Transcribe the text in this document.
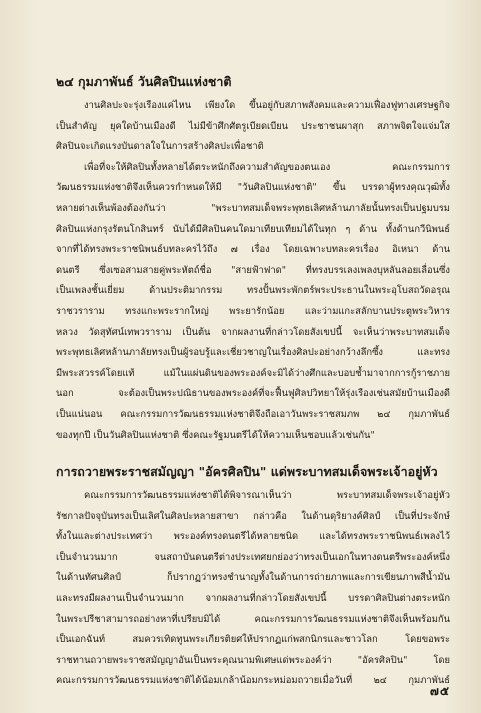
๒๔ กุมภาพันธ์ วันศิลปินแห่งชาติ

งานศิลปะจะรุ่งเรืองแค่ไหน เพียงใด ขึ้นอยู่กับสภาพสังคมและความเฟื่องฟูทางเศรษฐกิจ

เป็นสำคัญ ยุคใดบ้านเมืองดี ไม่มีข้าศึกศัตรูเบียดเบียน ประชาชนผาสุก สภาพจิตใจแจ่มใส

ศิลปินจะเกิดแรงบันดาลใจในการสร้างศิลปะเพื่อชาติ

เพื่อที่จะให้ศิลปินทั้งหลายได้ตระหนักถึงความสำคัญของตนเอง คณะกรรมการ

วัฒนธรรมแห่งชาติจึงเห็นควรกำหนดให้มี "วันศิลปินแห่งชาติ" ขึ้น บรรดาผู้ทรงคุณวุฒิทั้ง

หลายต่างเห็นพ้องต้องกันว่า "พระบาทสมเด็จพระพุทธเลิศหล้านภาลัยนั้นทรงเป็นปฐมบรม

ศิลปินแห่งกรุงรัตนโกสินทร์ นับได้มีศิลปินคนใดมาเทียบเทียมได้ในทุก ๆ ด้าน ทั้งด้านกวีนิพนธ์

จากที่ได้ทรงพระราชนิพนธ์บทละครไว้ถึง ๗ เรื่อง โดยเฉพาะบทละครเรื่อง อิเหนา ด้าน

ดนตรี ซึ่งเซอสามสายคู่พระหัตถ์ชื่อ "สายฟ้าฟาด" ที่ทรงบรรเลงเพลงบุหลันลอยเลื่อนซึ่ง

เป็นเพลงชั้นเยี่ยม ด้านประติมากรรม ทรงปั้นพระพักตร์พระประธานในพระอุโบสถวัดอรุณ

ราชวราราม ทรงแกะพระรากใหญ่ พระยารักน้อย และว่ามแกะสลักบานประตูพระวิหาร

หลวง วัดสุทัศน์เทพวราราม เป็นต้น จากผลงานที่กล่าวโดยสังเขปนี้ จะเห็นว่าพระบาทสมเด็จ

พระพุทธเลิศหล้านภาลัยทรงเป็นผู้รอบรู้และเชี่ยวชาญในเรื่องศิลปะอย่างกว้างลึกซึ้ง และทรง

มีพระสวรรค์โดยแท้ แม้ในแผ่นดินของพระองค์จะมิได้ว่างศึกและบอบช้ำมาจากการกู้ราชภาย

นอก จะต้องเป็นพระปณิธานของพระองค์ที่จะฟื้นฟูศิลปวิทยาให้รุ่งเรืองเช่นสมัยบ้านเมืองดี

เป็นแน่นอน คณะกรรมการวัฒนธรรมแห่งชาติจึงถือเอาวันพระราชสมภพ ๒๔ กุมภาพันธ์

ของทุกปี เป็นวันศิลปินแห่งชาติ ซึ่งคณะรัฐมนตรีได้ให้ความเห็นชอบแล้วเช่นกัน"

การถวายพระราชสมัญญา "อัครศิลปิน" แด่พระบาทสมเด็จพระเจ้าอยู่หัว

คณะกรรมการวัฒนธรรมแห่งชาติได้พิจารณาเห็นว่า พระบาทสมเด็จพระเจ้าอยู่หัว

รัชกาลปัจจุบันทรงเป็นเลิศในศิลปะหลายสาขา กล่าวคือ ในด้านดุริยางค์ศิลป์ เป็นที่ประจักษ์

ทั้งในและต่างประเทศว่า พระองค์ทรงดนตรีได้หลายชนิด และได้ทรงพระราชนิพนธ์เพลงไว้

เป็นจำนวนมาก จนสถาบันดนตรีต่างประเทศยกย่องว่าทรงเป็นเอกในทางดนตรีพระองค์หนึ่ง

ในด้านทัศนศิลป์ ก็ปรากฏว่าทรงชำนาญทั้งในด้านการถ่ายภาพและการเขียนภาพสีน้ำมัน

และทรงมีผลงานเป็นจำนวนมาก จากผลงานที่กล่าวโดยสังเขปนี้ บรรดาศิลปินต่างตระหนัก

ในพระปรีชาสามารถอย่างหาที่เปรียบมิได้ คณะกรรมการวัฒนธรรมแห่งชาติจึงเห็นพร้อมกัน

เป็นเอกฉันท์ สมควรเทิดทูนพระเกียรติยศให้ปรากฏแก่พสกนิกรและชาวโลก โดยขอพระ

ราชทานถวายพระราชสมัญญาอันเป็นพระคุณนามพิเศษแด่พระองค์ว่า "อัครศิลปิน" โดย

คณะกรรมการวัฒนธรรมแห่งชาติได้น้อมเกล้าน้อมกระหม่อมถวายเมื่อวันที่ ๒๔ กุมภาพันธ์

๗๕
